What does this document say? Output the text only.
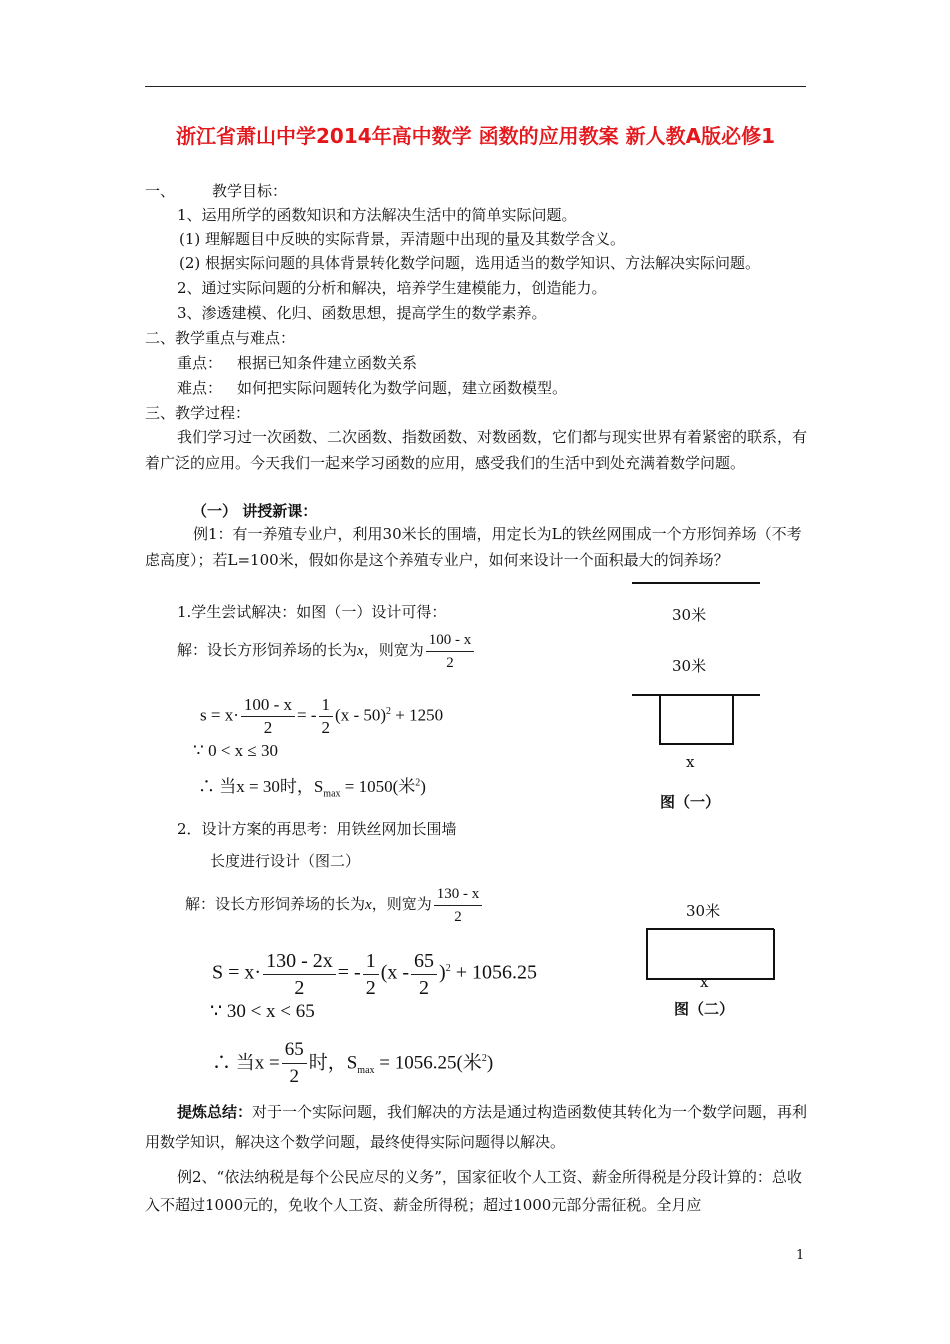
浙江省萧山中学2014年高中数学 函数的应用教案 新人教A版必修1
一、 教学目标：
1、运用所学的函数知识和方法解决生活中的简单实际问题。
(1) 理解题目中反映的实际背景，弄清题中出现的量及其数学含义。
(2) 根据实际问题的具体背景转化数学问题，选用适当的数学知识、方法解决实际问题。
2、通过实际问题的分析和解决，培养学生建模能力，创造能力。
3、渗透建模、化归、函数思想，提高学生的数学素养。
二、教学重点与难点：
重点： 根据已知条件建立函数关系
难点： 如何把实际问题转化为数学问题，建立函数模型。
三、教学过程：
我们学习过一次函数、二次函数、指数函数、对数函数，它们都与现实世界有着紧密的联系，有着广泛的应用。今天我们一起来学习函数的应用，感受我们的生活中到处充满着数学问题。
（一） 讲授新课：
例1：有一养殖专业户，利用30米长的围墙，用定长为L的铁丝网围成一个方形饲养场（不考虑高度）；若L=100米，假如你是这个养殖专业户，如何来设计一个面积最大的饲养场？
1.学生尝试解决：如图（一）设计可得：
解：设长方形饲养场的长为x，则宽为 $\frac{100 - x}{2}$
$s = x\cdot \frac{100 - x}{2}$ = - $\frac{1}{2} (x - 50)^2 + 1250$
∵ 0 < x ≤ 30
∴ 当x = 30时，$S_{max} = 1050$(米$^2$)
2．设计方案的再思考：用铁丝网加长围墙
长度进行设计（图二）
解：设长方形饲养场的长为x，则宽为 $\frac{130 - x}{2}$
$S = x\cdot \frac{130 - 2x}{2}$ = - $\frac{1}{2} (x - \frac{65}{2} )^2 + 1056.25$
∵ 30 < x < 65
∴ 当$x = \frac{65}{2}$ 时，$S_{max} = 1056.25$(米$^2$)
提炼总结：对于一个实际问题，我们解决的方法是通过构造函数使其转化为一个数学问题，再利用数学知识，解决这个数学问题，最终使得实际问题得以解决。
例2、“依法纳税是每个公民应尽的义务”，国家征收个人工资、薪金所得税是分段计算的：总收入不超过1000元的，免收个人工资、薪金所得税；超过1000元部分需征税。全月应
30米
30米
x
图（一）
30米
x
图（二）
1
